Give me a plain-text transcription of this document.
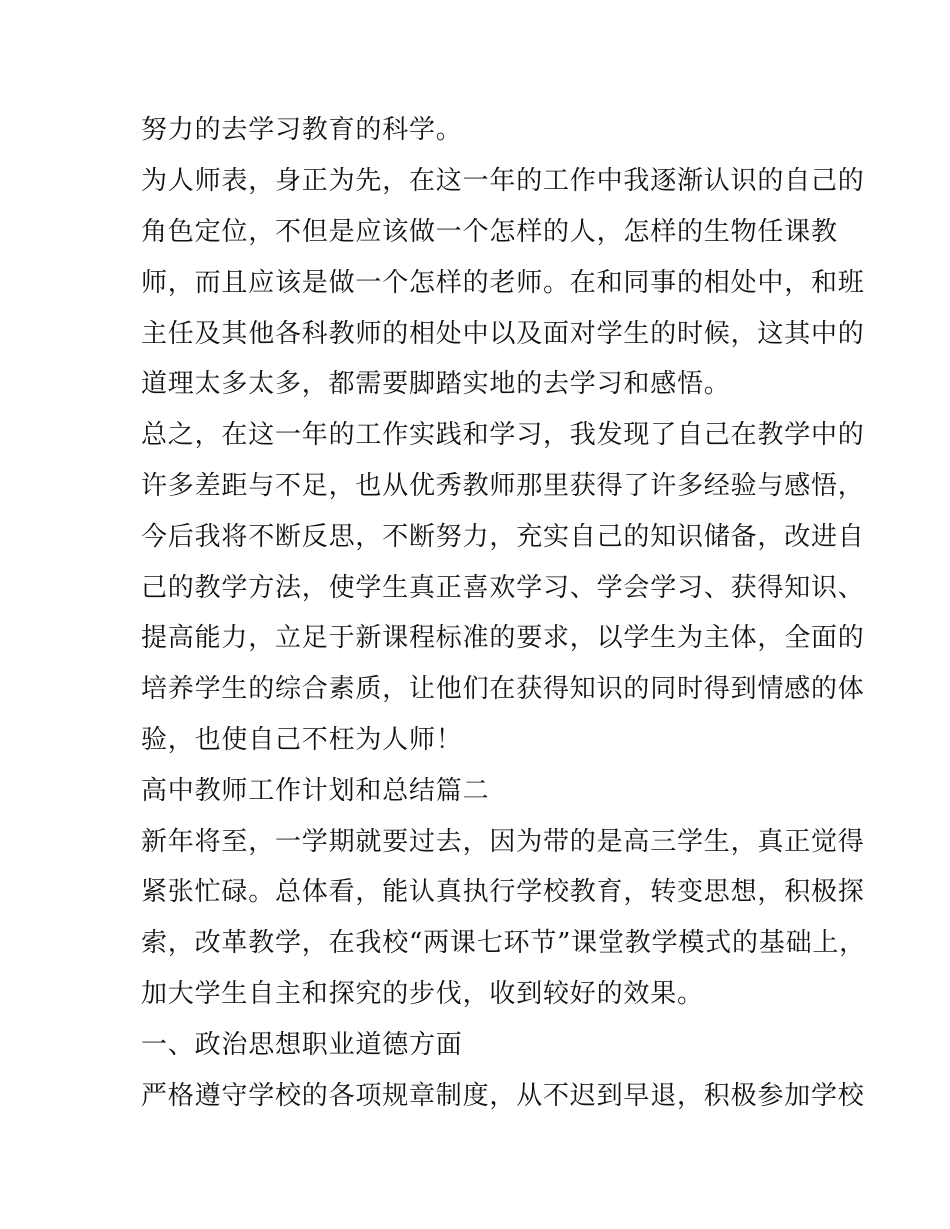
努力的去学习教育的科学。
为人师表，身正为先，在这一年的工作中我逐渐认识的自己的
角色定位，不但是应该做一个怎样的人，怎样的生物任课教
师，而且应该是做一个怎样的老师。在和同事的相处中，和班
主任及其他各科教师的相处中以及面对学生的时候，这其中的
道理太多太多，都需要脚踏实地的去学习和感悟。
总之，在这一年的工作实践和学习，我发现了自己在教学中的
许多差距与不足，也从优秀教师那里获得了许多经验与感悟，
今后我将不断反思，不断努力，充实自己的知识储备，改进自
己的教学方法，使学生真正喜欢学习、学会学习、获得知识、
提高能力，立足于新课程标准的要求，以学生为主体，全面的
培养学生的综合素质，让他们在获得知识的同时得到情感的体
验，也使自己不枉为人师！
高中教师工作计划和总结篇二
新年将至，一学期就要过去，因为带的是高三学生，真正觉得
紧张忙碌。总体看，能认真执行学校教育，转变思想，积极探
索，改革教学，在我校“两课七环节”课堂教学模式的基础上，
加大学生自主和探究的步伐，收到较好的效果。
一、政治思想职业道德方面
严格遵守学校的各项规章制度，从不迟到早退，积极参加学校
